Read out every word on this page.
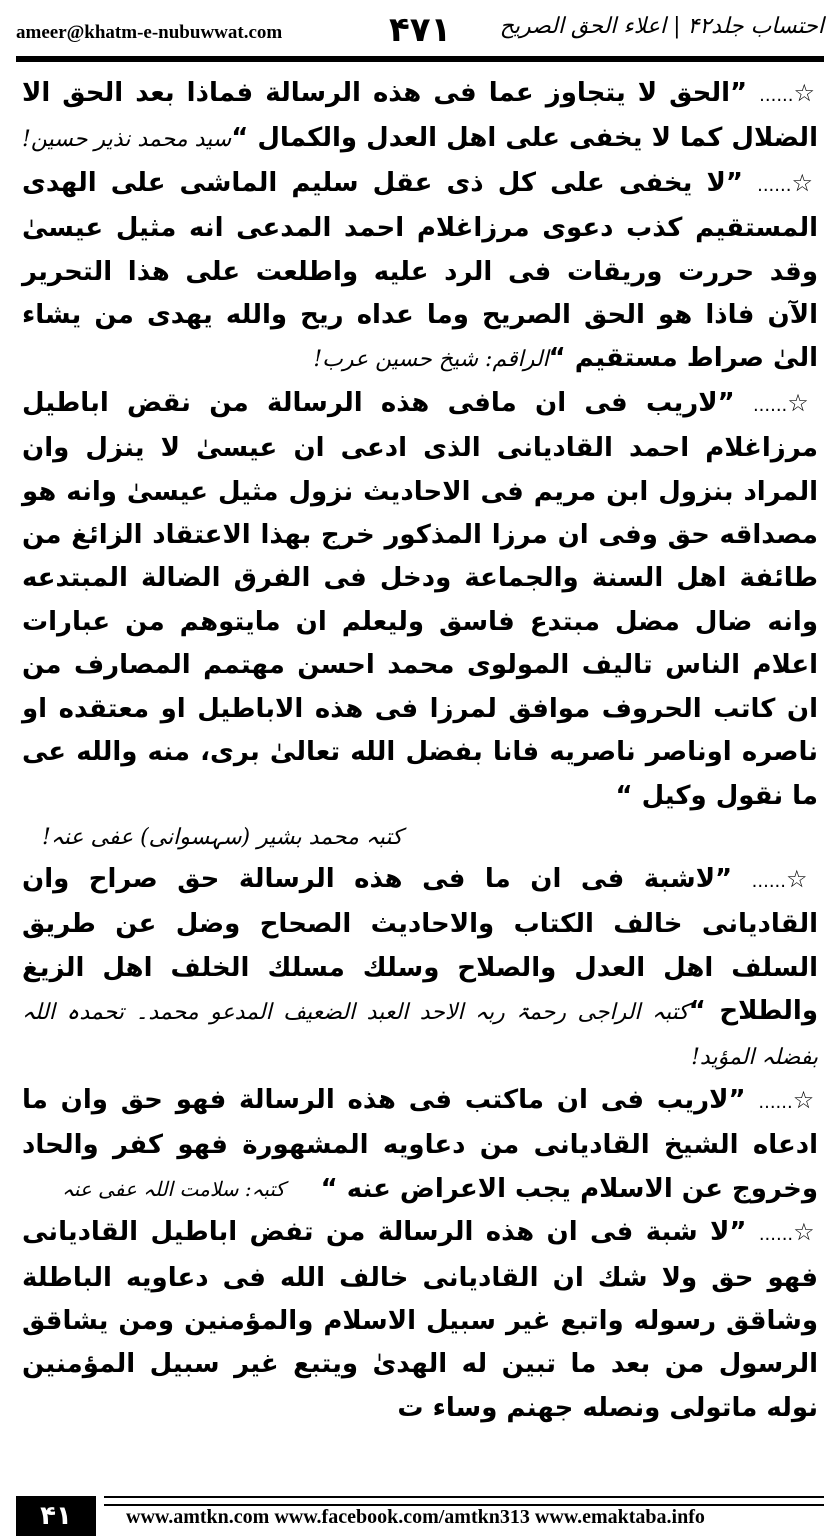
ameer@khatm-e-nubuwwat.com	۴۷۱ احتساب جلد۴۲ | اعلاء الحق الصریح

☆...... ”الحق لا يتجاوز عما فى هذه الرسالة فماذا بعد الحق الا الضلال كما لا يخفى على اهل العدل والكمال “سید محمد نذیر حسین!

☆...... ”لا يخفى على كل ذى عقل سليم الماشى على الهدى المستقيم كذب دعوى مرزاغلام احمد المدعى انه مثيل عيسىٰ وقد حررت وريقات فى الرد عليه واطلعت على هذا التحرير الآن فاذا هو الحق الصريح وما عداه ريح والله يهدى من يشاء الىٰ صراط مستقيم “الراقم: شیخ حسین عرب!

☆...... ”لاريب فى ان مافى هذه الرسالة من نقض اباطيل مرزاغلام احمد القاديانى الذى ادعى ان عيسىٰ لا ينزل وان المراد بنزول ابن مريم فى الاحاديث نزول مثيل عيسىٰ وانه هو مصداقه حق وفى ان مرزا المذكور خرج بهذا الاعتقاد الزائغ من طائفة اهل السنة والجماعة ودخل فى الفرق الضالة المبتدعه وانه ضال مضل مبتدع فاسق وليعلم ان مايتوهم من عبارات اعلام الناس تاليف المولوى محمد احسن مهتمم المصارف من ان كاتب الحروف موافق لمرزا فى هذه الاباطيل او معتقده او ناصره اوناصر ناصريه فانا بفضل الله تعالىٰ برى، منه والله عى ما نقول وكيل “

کتبہ محمد بشیر (سہسوانی) عفی عنہ!

☆...... ”لاشبة فى ان ما فى هذه الرسالة حق صراح وان القاديانى خالف الكتاب والاحاديث الصحاح وضل عن طريق السلف اهل العدل والصلاح وسلك مسلك الخلف اهل الزيغ والطلاح “کتبہ الراجی رحمۃ ربہ الاحد العبد الضعیف المدعو محمد۔ تحمدہ اللہ بفضلہ المؤید!

☆...... ”لاريب فى ان ماكتب فى هذه الرسالة فهو حق وان ما ادعاه الشيخ القاديانى من دعاويه المشهورة فهو كفر والحاد وخروج عن الاسلام يجب الاعراض عنه “
کتبہ: سلامت اللہ عفی عنہ

☆...... ”لا شبة فى ان هذه الرسالة من تفض اباطيل القاديانى فهو حق ولا شك ان القاديانى خالف الله فى دعاويه الباطلة وشاقق رسوله واتبع غير سبيل الاسلام والمؤمنين ومن يشاقق الرسول من بعد ما تبين له الهدىٰ ويتبع غير سبيل المؤمنين نوله ماتولى ونصله جهنم وساء ت

۴۱	www.amtkn.com www.facebook.com/amtkn313 www.emaktaba.info
